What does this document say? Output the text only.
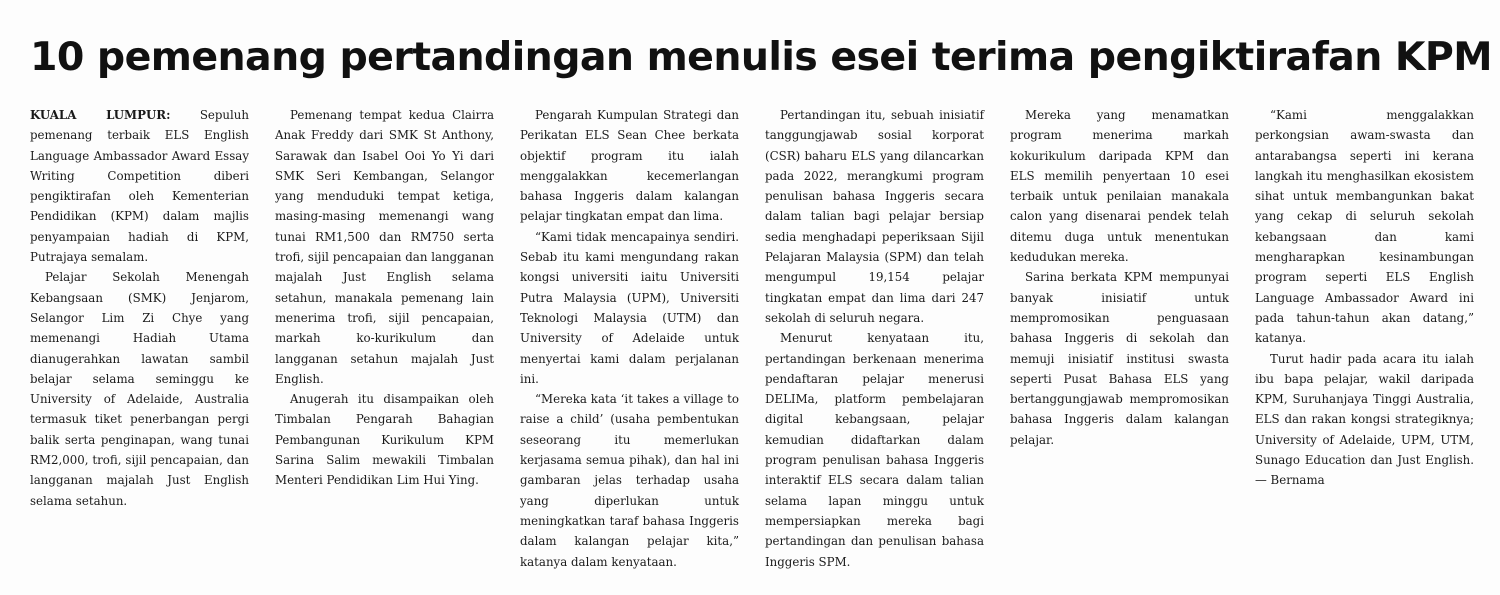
10 pemenang pertandingan menulis esei terima pengiktirafan KPM

KUALA LUMPUR: Sepuluh pemenang terbaik ELS English Language Ambassador Award Essay Writing Competition diberi pengiktirafan oleh Kementerian Pendidikan (KPM) dalam majlis penyampaian hadiah di KPM, Putrajaya semalam.

Pelajar Sekolah Menengah Kebangsaan (SMK) Jenjarom, Selangor Lim Zi Chye yang memenangi Hadiah Utama dianugerahkan lawatan sambil belajar selama seminggu ke University of Adelaide, Australia termasuk tiket penerbangan pergi balik serta penginapan, wang tunai RM2,000, trofi, sijil pencapaian, dan langganan majalah Just English selama setahun.

Pemenang tempat kedua Clairra Anak Freddy dari SMK St Anthony, Sarawak dan Isabel Ooi Yo Yi dari SMK Seri Kembangan, Selangor yang menduduki tempat ketiga, masing-masing memenangi wang tunai RM1,500 dan RM750 serta trofi, sijil pencapaian dan langganan majalah Just English selama setahun, manakala pemenang lain menerima trofi, sijil pencapaian, markah ko-kurikulum dan langganan setahun majalah Just English.

Anugerah itu disampaikan oleh Timbalan Pengarah Bahagian Pembangunan Kurikulum KPM Sarina Salim mewakili Timbalan Menteri Pendidikan Lim Hui Ying.

Pengarah Kumpulan Strategi dan Perikatan ELS Sean Chee berkata objektif program itu ialah menggalakkan kecemerlangan bahasa Inggeris dalam kalangan pelajar tingkatan empat dan lima.

“Kami tidak mencapainya sendiri. Sebab itu kami mengundang rakan kongsi universiti iaitu Universiti Putra Malaysia (UPM), Universiti Teknologi Malaysia (UTM) dan University of Adelaide untuk menyertai kami dalam perjalanan ini.

“Mereka kata ‘it takes a village to raise a child’ (usaha pembentukan seseorang itu memerlukan kerjasama semua pihak), dan hal ini gambaran jelas terhadap usaha yang diperlukan untuk meningkatkan taraf bahasa Inggeris dalam kalangan pelajar kita,” katanya dalam kenyataan.

Pertandingan itu, sebuah inisiatif tanggungjawab sosial korporat (CSR) baharu ELS yang dilancarkan pada 2022, merangkumi program penulisan bahasa Inggeris secara dalam talian bagi pelajar bersiap sedia menghadapi peperiksaan Sijil Pelajaran Malaysia (SPM) dan telah mengumpul 19,154 pelajar tingkatan empat dan lima dari 247 sekolah di seluruh negara.

Menurut kenyataan itu, pertandingan berkenaan menerima pendaftaran pelajar menerusi DELIMa, platform pembelajaran digital kebangsaan, pelajar kemudian didaftarkan dalam program penulisan bahasa Inggeris interaktif ELS secara dalam talian selama lapan minggu untuk mempersiapkan mereka bagi pertandingan dan penulisan bahasa Inggeris SPM.

Mereka yang menamatkan program menerima markah kokurikulum daripada KPM dan ELS memilih penyertaan 10 esei terbaik untuk penilaian manakala calon yang disenarai pendek telah ditemu duga untuk menentukan kedudukan mereka.

Sarina berkata KPM mempunyai banyak inisiatif untuk mempromosikan penguasaan bahasa Inggeris di sekolah dan memuji inisiatif institusi swasta seperti Pusat Bahasa ELS yang bertanggungjawab mempromosikan bahasa Inggeris dalam kalangan pelajar.

“Kami menggalakkan perkongsian awam-swasta dan antarabangsa seperti ini kerana langkah itu menghasilkan ekosistem sihat untuk membangunkan bakat yang cekap di seluruh sekolah kebangsaan dan kami mengharapkan kesinambungan program seperti ELS English Language Ambassador Award ini pada tahun-tahun akan datang,” katanya.

Turut hadir pada acara itu ialah ibu bapa pelajar, wakil daripada KPM, Suruhanjaya Tinggi Australia, ELS dan rakan kongsi strategiknya; University of Adelaide, UPM, UTM, Sunago Education dan Just English. — Bernama
